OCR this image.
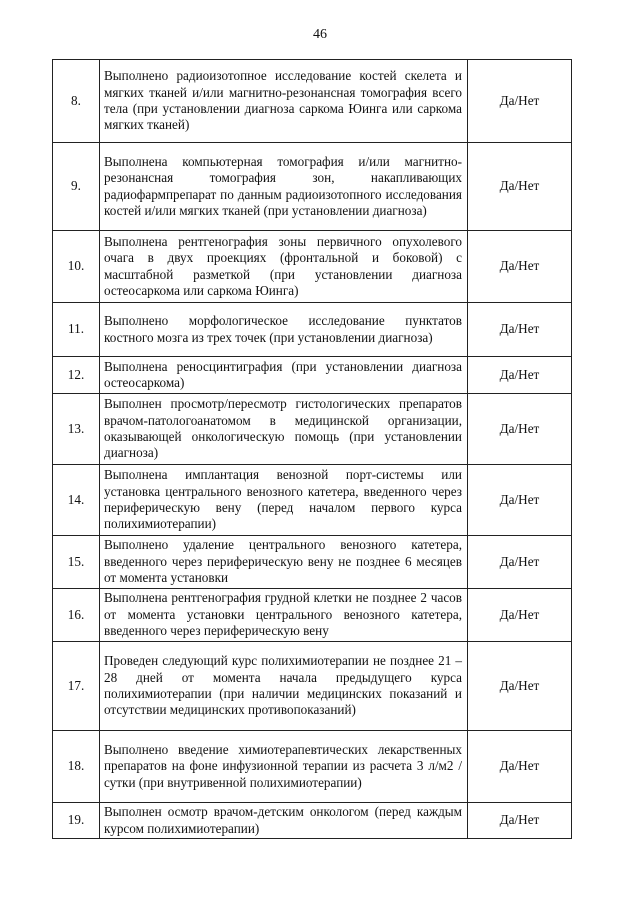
46
8.	Выполнено радиоизотопное исследование костей скелета и мягких тканей и/или магнитно-резонансная томография всего тела (при установлении диагноза саркома Юинга или саркома мягких тканей)	Да/Нет
9.	Выполнена компьютерная томография и/или магнитно-резонансная томография зон, накапливающих радиофармпрепарат по данным радиоизотопного исследования костей и/или мягких тканей (при установлении диагноза)	Да/Нет
10.	Выполнена рентгенография зоны первичного опухолевого очага в двух проекциях (фронтальной и боковой) с масштабной разметкой (при установлении диагноза остеосаркома или саркома Юинга)	Да/Нет
11.	Выполнено морфологическое исследование пунктатов костного мозга из трех точек (при установлении диагноза)	Да/Нет
12.	Выполнена реносцинтиграфия (при установлении диагноза остеосаркома)	Да/Нет
13.	Выполнен просмотр/пересмотр гистологических препаратов врачом-патологоанатомом в медицинской организации, оказывающей онкологическую помощь (при установлении диагноза)	Да/Нет
14.	Выполнена имплантация венозной порт-системы или установка центрального венозного катетера, введенного через периферическую вену (перед началом первого курса полихимиотерапии)	Да/Нет
15.	Выполнено удаление центрального венозного катетера, введенного через периферическую вену не позднее 6 месяцев от момента установки	Да/Нет
16.	Выполнена рентгенография грудной клетки не позднее 2 часов от момента установки центрального венозного катетера, введенного через периферическую вену	Да/Нет
17.	Проведен следующий курс полихимиотерапии не позднее 21 – 28 дней от момента начала предыдущего курса полихимиотерапии (при наличии медицинских показаний и отсутствии медицинских противопоказаний)	Да/Нет
18.	Выполнено введение химиотерапевтических лекарственных препаратов на фоне инфузионной терапии из расчета 3 л/м2 /сутки (при внутривенной полихимиотерапии)	Да/Нет
19.	Выполнен осмотр врачом-детским онкологом (перед каждым курсом полихимиотерапии)	Да/Нет
